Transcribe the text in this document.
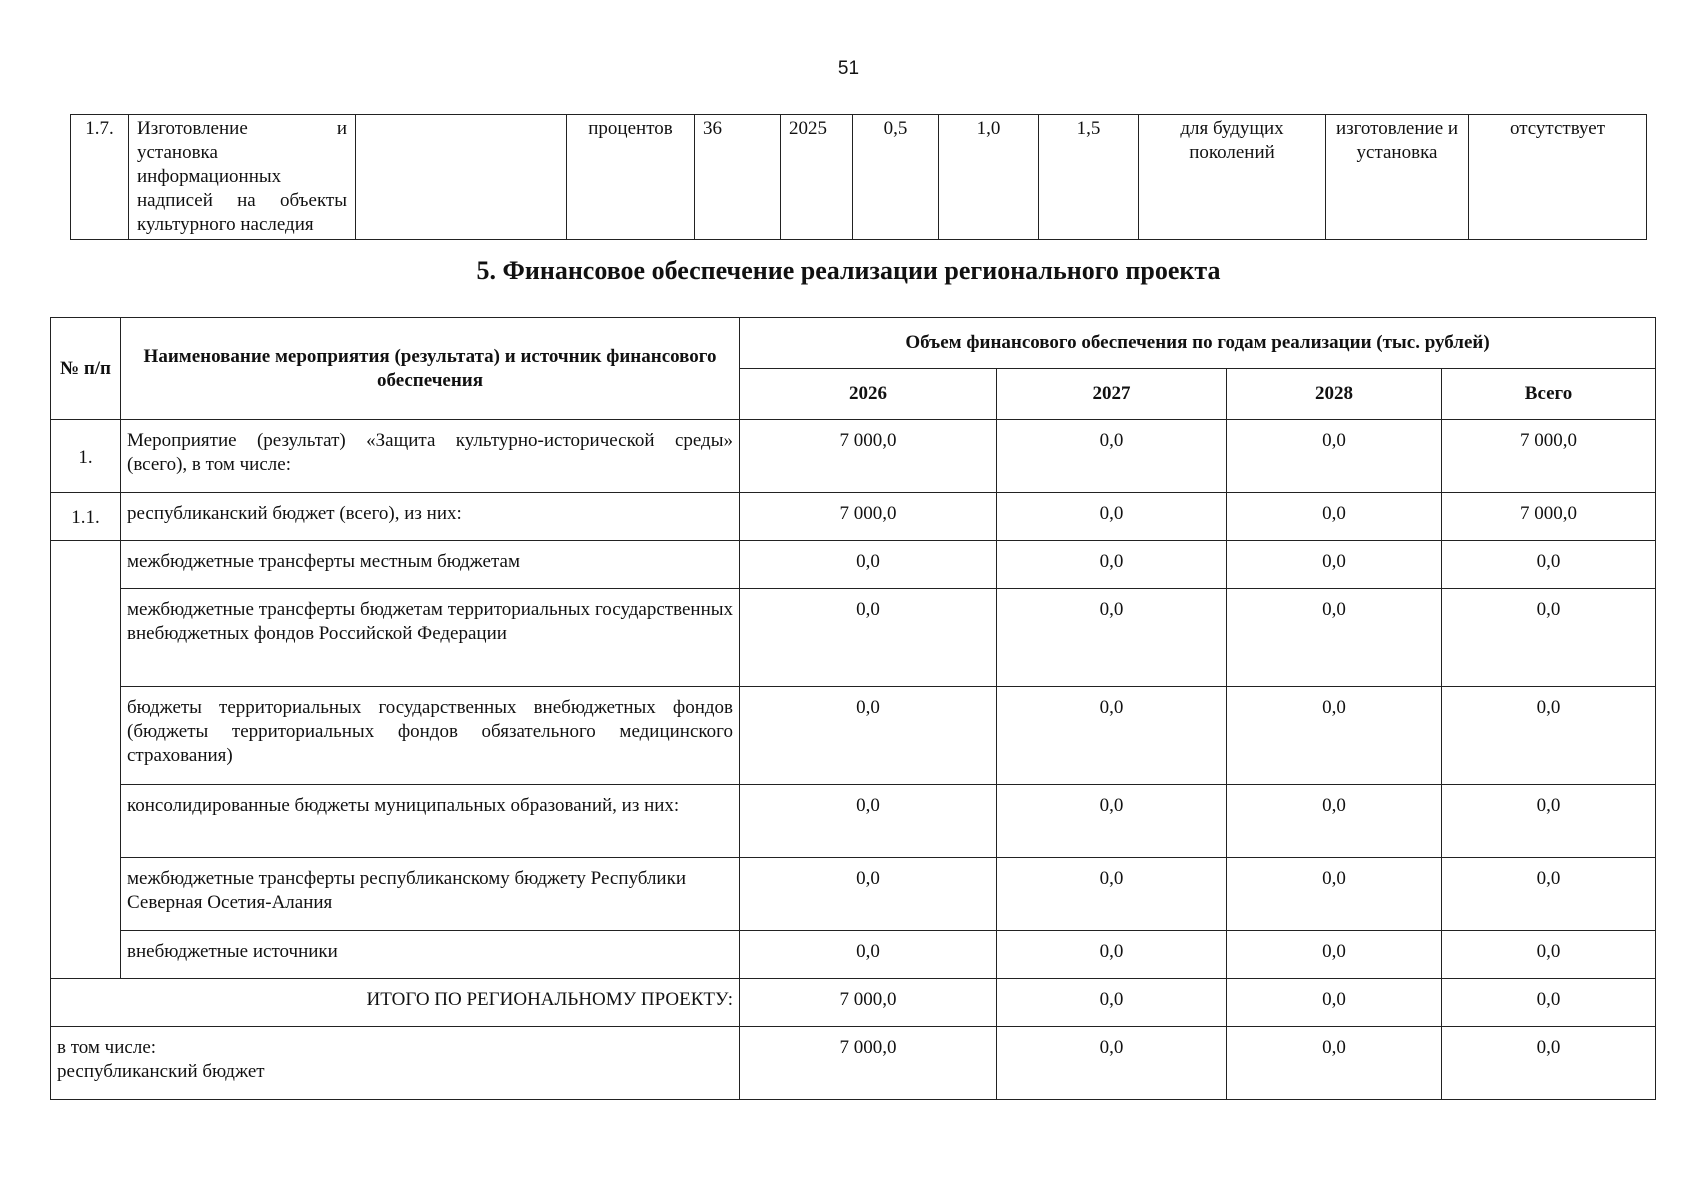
51
1.7.	Изготовление и установка информационных надписей на объекты культурного наследия		процентов	36	2025	0,5	1,0	1,5	для будущих поколений	изготовление и установка	отсутствует
5. Финансовое обеспечение реализации регионального проекта
№ п/п	Наименование мероприятия (результата) и источник финансового обеспечения	Объем финансового обеспечения по годам реализации (тыс. рублей)			
		2026	2027	2028	Всего
1.	Мероприятие (результат) «Защита культурно-исторической среды» (всего), в том числе:	7 000,0	0,0	0,0	7 000,0
1.1.	республиканский бюджет (всего), из них:	7 000,0	0,0	0,0	7 000,0
	межбюджетные трансферты местным бюджетам	0,0	0,0	0,0	0,0
	межбюджетные трансферты бюджетам территориальных государственных внебюджетных фондов Российской Федерации	0,0	0,0	0,0	0,0
	бюджеты территориальных государственных внебюджетных фондов (бюджеты территориальных фондов обязательного медицинского страхования)	0,0	0,0	0,0	0,0
	консолидированные бюджеты муниципальных образований, из них:	0,0	0,0	0,0	0,0
	межбюджетные трансферты республиканскому бюджету Республики Северная Осетия-Алания	0,0	0,0	0,0	0,0
	внебюджетные источники	0,0	0,0	0,0	0,0
ИТОГО ПО РЕГИОНАЛЬНОМУ ПРОЕКТУ:		7 000,0	0,0	0,0	0,0

в том числе:
республиканский бюджет		7 000,0	0,0	0,0	0,0
